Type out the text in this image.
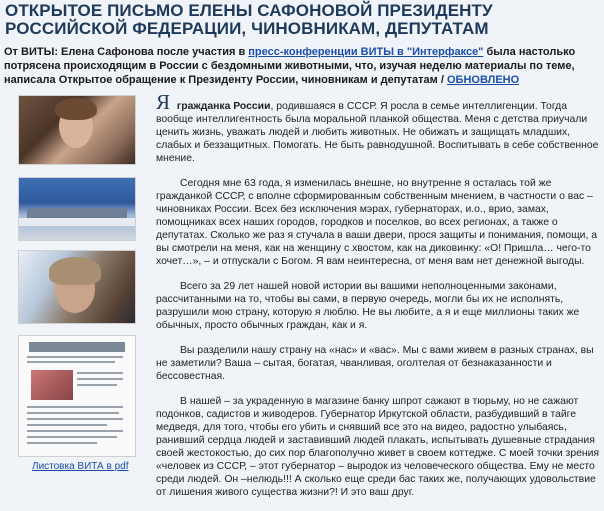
ОТКРЫТОЕ ПИСЬМО ЕЛЕНЫ САФОНОВОЙ ПРЕЗИДЕНТУ РОССИЙСКОЙ ФЕДЕРАЦИИ, ЧИНОВНИКАМ, ДЕПУТАТАМ
От ВИТЫ: Елена Сафонова после участия в пресс-конференции ВИТЫ в "Интерфаксе" была настолько потрясена происходящим в России с бездомными животными, что, изучая неделю материалы по теме, написала Открытое обращение к Президенту России, чиновникам и депутатам / ОБНОВЛЕНО
Листовка ВИТА в pdf

Я гражданка России, родившаяся в СССР. Я росла в семье интеллигенции. Тогда вообще интеллигентность была моральной планкой общества. Меня с детства приучали ценить жизнь, уважать людей и любить животных. Не обижать и защищать младших, слабых и беззащитных. Помогать. Не быть равнодушной. Воспитывать в себе собственное мнение.

Сегодня мне 63 года, я изменилась внешне, но внутренне я осталась той же гражданкой СССР, с вполне сформированным собственным мнением, в частности о вас – чиновниках России. Всех без исключения мэрах, губернаторах, и.о., врио, замах, помощниках всех наших городов, городков и поселков, во всех регионах, а также о депутатах. Сколько же раз я стучала в ваши двери, прося защиты и понимания, помощи, а вы смотрели на меня, как на женщину с хвостом, как на диковинку: «О! Пришла… чего-то хочет…», – и отпускали с Богом. Я вам неинтересна, от меня вам нет денежной выгоды.

Всего за 29 лет нашей новой истории вы вашими неполноценными законами, рассчитанными на то, чтобы вы сами, в первую очередь, могли бы их не исполнять, разрушили мою страну, которую я люблю. Не вы любите, а я и еще миллионы таких же обычных, просто обычных граждан, как и я.

Вы разделили нашу страну на «нас» и «вас». Мы с вами живем в разных странах, вы не заметили? Ваша – сытая, богатая, чванливая, оголтелая от безнаказанности и бессовестная.

В нашей – за украденную в магазине банку шпрот сажают в тюрьму, но не сажают подонков, садистов и живодеров. Губернатор Иркутской области, разбудивший в тайге медведя, для того, чтобы его убить и снявший все это на видео, радостно улыбаясь, ранивший сердца людей и заставивший людей плакать, испытывать душевные страдания своей жестокостью, до сих пор благополучно живет в своем коттедже. С моей точки зрения «человек из СССР, – этот губернатор – выродок из человеческого общества. Ему не место среди людей. Он –нелюдь!!! А сколько еще среди бас таких же, получающих удовольствие от лишения живого существа жизни?! И это ваш друг.
